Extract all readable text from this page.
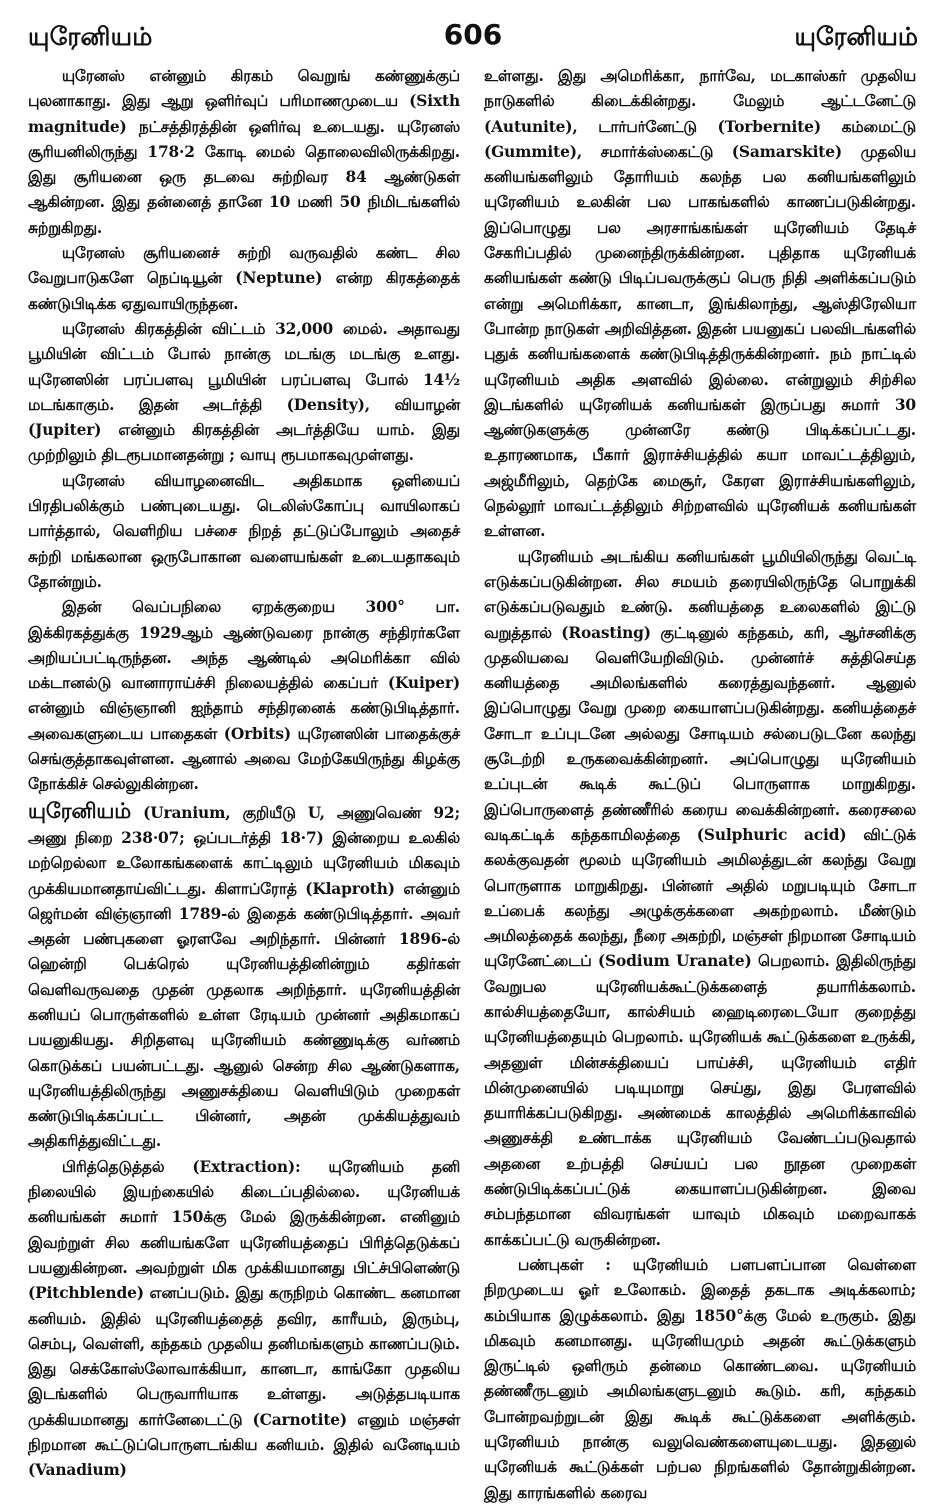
யுரேனியம்	606	யுரேனியம்

யுரேனஸ் என்னும் கிரகம் வெறுங் கண்ணுக்குப் புலனாகாது. இது ஆறு ஒளிர்வுப் பரிமாணமுடைய (Sixth magnitude) நட்சத்திரத்தின் ஒளிர்வு உடையது. யுரேனஸ் சூரியனிலிருந்து 178·2 கோடி மைல் தொலைவிலிருக்கிறது. இது சூரியனை ஒரு தடவை சுற்றிவர 84 ஆண்டுகள் ஆகின்றன. இது தன்னைத் தானே 10 மணி 50 நிமிடங்களில் சுற்றுகிறது.

யுரேனஸ் சூரியனைச் சுற்றி வருவதில் கண்ட சில வேறுபாடுகளே நெப்டியூன் (Neptune) என்ற கிரகத்தைக் கண்டுபிடிக்க ஏதுவாயிருந்தன.

யுரேனஸ் கிரகத்தின் விட்டம் 32,000 மைல். அதாவது பூமியின் விட்டம் போல் நான்கு மடங்கு மடங்கு உளது. யுரேனஸின் பரப்பளவு பூமியின் பரப்பளவு போல் 14½ மடங்காகும். இதன் அடர்த்தி (Density), வியாழன் (Jupiter) என்னும் கிரகத்தின் அடர்த்தியே யாம். இது முற்றிலும் திடரூபமானதன்று ; வாயு ரூபமாகவுமுள்ளது.

யுரேனஸ் வியாழனைவிட அதிகமாக ஒளியைப் பிரதிபலிக்கும் பண்புடையது. டெலிஸ்கோப்பு வாயிலாகப் பார்த்தால், வெளிறிய பச்சை நிறத் தட்டுப்போலும் அதைச் சுற்றி மங்கலான ஒருபோகான வளையங்கள் உடையதாகவும் தோன்றும்.

இதன் வெப்பநிலை ஏறக்குறைய 300° பா. இக்கிரகத்துக்கு 1929ஆம் ஆண்டுவரை நான்கு சந்திரர்களே அறியப்பட்டிருந்தன. அந்த ஆண்டில் அமெரிக்கா வில் மக்டானல்டு வானாராய்ச்சி நிலையத்தில் கைப்பர் (Kuiper) என்னும் விஞ்ஞானி ஐந்தாம் சந்திரனைக் கண்டுபிடித்தார். அவைகளுடைய பாதைகள் (Orbits) யுரேனஸின் பாதைக்குச் செங்குத்தாகவுள்ளன. ஆனால் அவை மேற்கேயிருந்து கிழக்கு நோக்கிச் செல்லுகின்றன.

யுரேனியம் (Uranium, குறியீடு U, அணுவெண் 92; அணு நிறை 238·07; ஒப்படர்த்தி 18·7) இன்றைய உலகில் மற்றெல்லா உலோகங்களைக் காட்டிலும் யுரேனியம் மிகவும் முக்கியமானதாய்விட்டது. கிளாப்ரோத் (Klaproth) என்னும் ஜெர்மன் விஞ்ஞானி 1789-ல் இதைக் கண்டுபிடித்தார். அவர் அதன் பண்புகளை ஓரளவே அறிந்தார். பின்னர் 1896-ல் ஹென்றி பெக்ரெல் யுரேனியத்தினின்றும் கதிர்கள் வெளிவருவதை முதன் முதலாக அறிந்தார். யுரேனியத்தின் கனியப் பொருள்களில் உள்ள ரேடியம் முன்னர் அதிகமாகப் பயனுகியது. சிறிதளவு யுரேனியம் கண்ணுடிக்கு வர்ணம் கொடுக்கப் பயன்பட்டது. ஆனுல் சென்ற சில ஆண்டுகளாக, யுரேனியத்திலிருந்து அணுசக்தியை வெளியிடும் முறைகள் கண்டுபிடிக்கப்பட்ட பின்னர், அதன் முக்கியத்துவம் அதிகரித்துவிட்டது.

பிரித்தெடுத்தல் (Extraction): யுரேனியம் தனி நிலையில் இயற்கையில் கிடைப்பதில்லை. யுரேனியக் கனியங்கள் சுமார் 150க்கு மேல் இருக்கின்றன. எனினும் இவற்றுள் சில கனியங்களே யுரேனியத்தைப் பிரித்தெடுக்கப் பயனுகின்றன. அவற்றுள் மிக முக்கியமானது பிட்ச்பிளெண்டு (Pitchblende) எனப்படும். இது கருநிறம் கொண்ட கனமான கனியம். இதில் யுரேனியத்தைத் தவிர, காரீயம், இரும்பு, செம்பு, வெள்ளி, கந்தகம் முதலிய தனிமங்களும் காணப்படும். இது செக்கோஸ்லோவாக்கியா, கானடா, காங்கோ முதலிய இடங்களில் பெருவாரியாக உள்ளது. அடுத்தபடியாக முக்கியமானது கார்னேடைட்டு (Carnotite) எனும் மஞ்சள் நிறமான கூட்டுப்பொருளடங்கிய கனியம். இதில் வனேடியம் (Vanadium)

உள்ளது. இது அமெரிக்கா, நார்வே, மடகாஸ்கர் முதலிய நாடுகளில் கிடைக்கின்றது. மேலும் ஆட்டனேட்டு (Autunite), டார்பர்னேட்டு (Torbernite) கம்மைட்டு (Gummite), சமார்க்ஸ்கைட்டு (Samarskite) முதலிய கனியங்களிலும் தோரியம் கலந்த பல கனியங்களிலும் யுரேனியம் உலகின் பல பாகங்களில் காணப்படுகின்றது. இப்பொழுது பல அரசாங்கங்கள் யுரேனியம் தேடிச் சேகரிப்பதில் முனைந்திருக்கின்றன. புதிதாக யுரேனியக் கனியங்கள் கண்டு பிடிப்பவருக்குப் பெரு நிதி அளிக்கப்படும் என்று அமெரிக்கா, கானடா, இங்கிலாந்து, ஆஸ்திரேலியா போன்ற நாடுகள் அறிவித்தன. இதன் பயனுகப் பலவிடங்களில் புதுக் கனியங்களைக் கண்டுபிடித்திருக்கின்றனர். நம் நாட்டில் யுரேனியம் அதிக அளவில் இல்லை. என்றுலும் சிற்சில இடங்களில் யுரேனியக் கனியங்கள் இருப்பது சுமார் 30 ஆண்டுகளுக்கு முன்னரே கண்டு பிடிக்கப்பட்டது. உதாரணமாக, பீகார் இராச்சியத்தில் கயா மாவட்டத்திலும், அஜ்மீரிலும், தெற்கே மைசூர், கேரள இராச்சியங்களிலும், நெல்லூர் மாவட்டத்திலும் சிற்றளவில் யுரேனியக் கனியங்கள் உள்ளன.

யுரேனியம் அடங்கிய கனியங்கள் பூமியிலிருந்து வெட்டி எடுக்கப்படுகின்றன. சில சமயம் தரையிலிருந்தே பொறுக்கி எடுக்கப்படுவதும் உண்டு. கனியத்தை உலைகளில் இட்டு வறுத்தால் (Roasting) குட்டினுல் கந்தகம், கரி, ஆர்சனிக்கு முதலியவை வெளியேறிவிடும். முன்னர்ச் சுத்திசெய்த கனியத்தை அமிலங்களில் கரைத்துவந்தனர். ஆனுல் இப்பொழுது வேறு முறை கையாளப்படுகின்றது. கனியத்தைச் சோடா உப்புடனே அல்லது சோடியம் சல்பைடுடனே கலந்து சூடேற்றி உருகவைக்கின்றனர். அப்பொழுது யுரேனியம் உப்புடன் கூடிக் கூட்டுப் பொருளாக மாறுகிறது. இப்பொருளைத் தண்ணீரில் கரைய வைக்கின்றனர். கரைசலை வடிகட்டிக் கந்தகாமிலத்தை (Sulphuric acid) விட்டுக் கலக்குவதன் மூலம் யுரேனியம் அமிலத்துடன் கலந்து வேறு பொருளாக மாறுகிறது. பின்னர் அதில் மறுபடியும் சோடா உப்பைக் கலந்து அழுக்குக்களை அகற்றலாம். மீண்டும் அமிலத்தைக் கலந்து, நீரை அகற்றி, மஞ்சள் நிறமான சோடியம் யுரேனேட்டைப் (Sodium Uranate) பெறலாம். இதிலிருந்து வேறுபல யுரேனியக்கூட்டுக்களைத் தயாரிக்கலாம். கால்சியத்தையோ, கால்சியம் ஹைடிரைடையோ குறைத்து யுரேனியத்தையும் பெறலாம். யுரேனியக் கூட்டுக்களை உருக்கி, அதனுள் மின்சக்தியைப் பாய்ச்சி, யுரேனியம் எதிர் மின்முனையில் படியுமாறு செய்து, இது பேரளவில் தயாரிக்கப்படுகிறது. அண்மைக் காலத்தில் அமெரிக்காவில் அணுசக்தி உண்டாக்க யுரேனியம் வேண்டப்படுவதால் அதனை உற்பத்தி செய்யப் பல நூதன முறைகள் கண்டுபிடிக்கப்பட்டுக் கையாளப்படுகின்றன. இவை சம்பந்தமான விவரங்கள் யாவும் மிகவும் மறைவாகக் காக்கப்பட்டு வருகின்றன.

பண்புகள் : யுரேனியம் பளபளப்பான வெள்ளை நிறமுடைய ஓர் உலோகம். இதைத் தகடாக அடிக்கலாம்; கம்பியாக இழுக்கலாம். இது 1850°க்கு மேல் உருகும். இது மிகவும் கனமானது. யுரேனியமும் அதன் கூட்டுக்களும் இருட்டில் ஒளிரும் தன்மை கொண்டவை. யுரேனியம் தண்ணீருடனும் அமிலங்களுடனும் கூடும். கரி, கந்தகம் போன்றவற்றுடன் இது கூடிக் கூட்டுக்களை அளிக்கும். யுரேனியம் நான்கு வலுவெண்களையுடையது. இதனுல் யுரேனியக் கூட்டுக்கள் பற்பல நிறங்களில் தோன்றுகின்றன. இது காரங்களில் கரைவ
